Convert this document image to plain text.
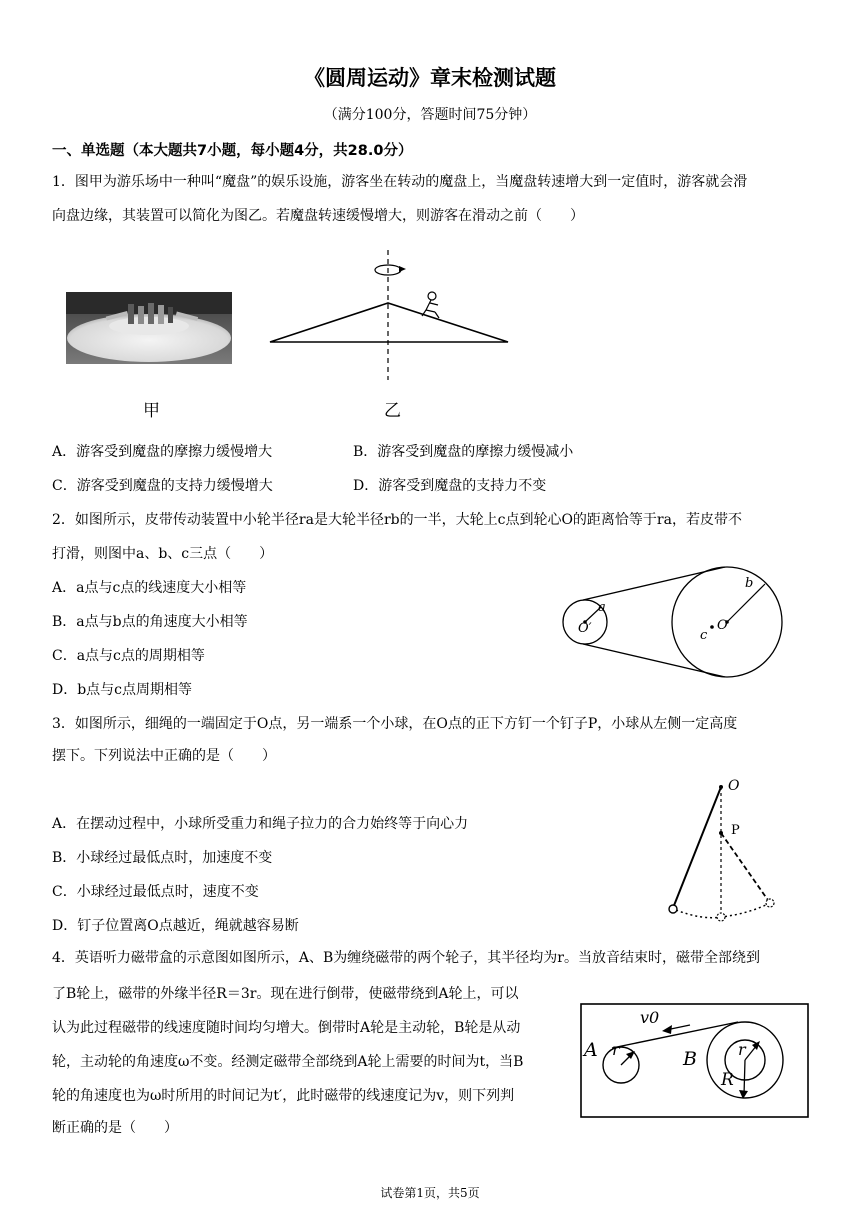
《圆周运动》章末检测试题
（满分100分，答题时间75分钟）
一、单选题（本大题共7小题，每小题4分，共28.0分）
1．图甲为游乐场中一种叫“魔盘”的娱乐设施，游客坐在转动的魔盘上，当魔盘转速增大到一定值时，游客就会滑
向盘边缘，其装置可以简化为图乙。若魔盘转速缓慢增大，则游客在滑动之前（　　）
甲	乙
A．游客受到魔盘的摩擦力缓慢增大	B．游客受到魔盘的摩擦力缓慢减小
C．游客受到魔盘的支持力缓慢增大	D．游客受到魔盘的支持力不变
2．如图所示，皮带传动装置中小轮半径ra是大轮半径rb的一半，大轮上c点到轮心O的距离恰等于ra，若皮带不
打滑，则图中a、b、c三点（　　）
A．a点与c点的线速度大小相等
B．a点与b点的角速度大小相等
C．a点与c点的周期相等
D．b点与c点周期相等
a
O′
b
c
O
3．如图所示，细绳的一端固定于O点，另一端系一个小球，在O点的正下方钉一个钉子P，小球从左侧一定高度
摆下。下列说法中正确的是（　　）
A．在摆动过程中，小球所受重力和绳子拉力的合力始终等于向心力
B．小球经过最低点时，加速度不变
C．小球经过最低点时，速度不变
D．钉子位置离O点越近，绳就越容易断
O
P
4．英语听力磁带盒的示意图如图所示，A、B为缠绕磁带的两个轮子，其半径均为r。当放音结束时，磁带全部绕到
了B轮上，磁带的外缘半径R＝3r。现在进行倒带，使磁带绕到A轮上，可以
认为此过程磁带的线速度随时间均匀增大。倒带时A轮是主动轮，B轮是从动
轮，主动轮的角速度ω不变。经测定磁带全部绕到A轮上需要的时间为t，当B
轮的角速度也为ω时所用的时间记为t′，此时磁带的线速度记为v，则下列判
断正确的是（　　）
A r	B	r
R
v0
试卷第1页，共5页
